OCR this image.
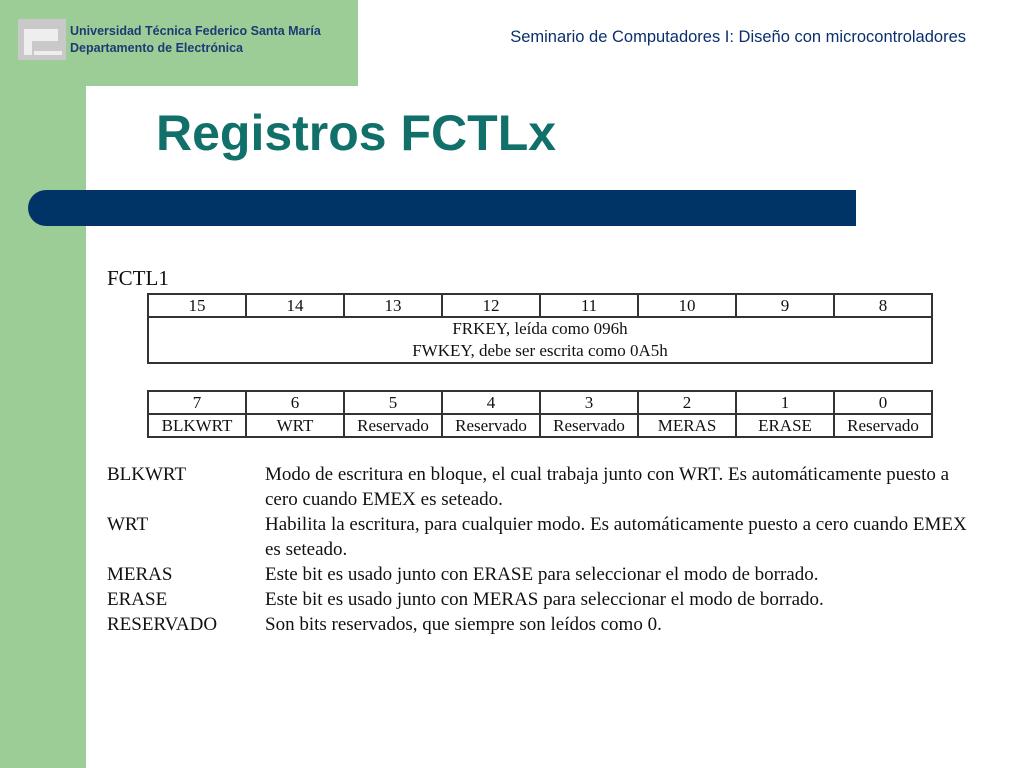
Universidad Técnica Federico Santa María
Departamento de Electrónica
Seminario de Computadores I: Diseño con microcontroladores
Registros FCTLx
FCTL1
15	14	13	12	11	10	9	8

FRKEY, leída como 096h
FWKEY, debe ser escrita como 0A5h
7	6	5	4	3	2	1	0
BLKWRT	WRT	Reservado	Reservado	Reservado	MERAS	ERASE	Reservado
BLKWRT	Modo de escritura en bloque, el cual trabaja junto con WRT. Es automáticamente puesto a cero cuando EMEX es seteado.
WRT	Habilita la escritura, para cualquier modo. Es automáticamente puesto a cero cuando EMEX es seteado.
MERAS	Este bit es usado junto con ERASE para seleccionar el modo de borrado.
ERASE	Este bit es usado junto con MERAS para seleccionar el modo de borrado.
RESERVADO	Son bits reservados, que siempre son leídos como 0.
